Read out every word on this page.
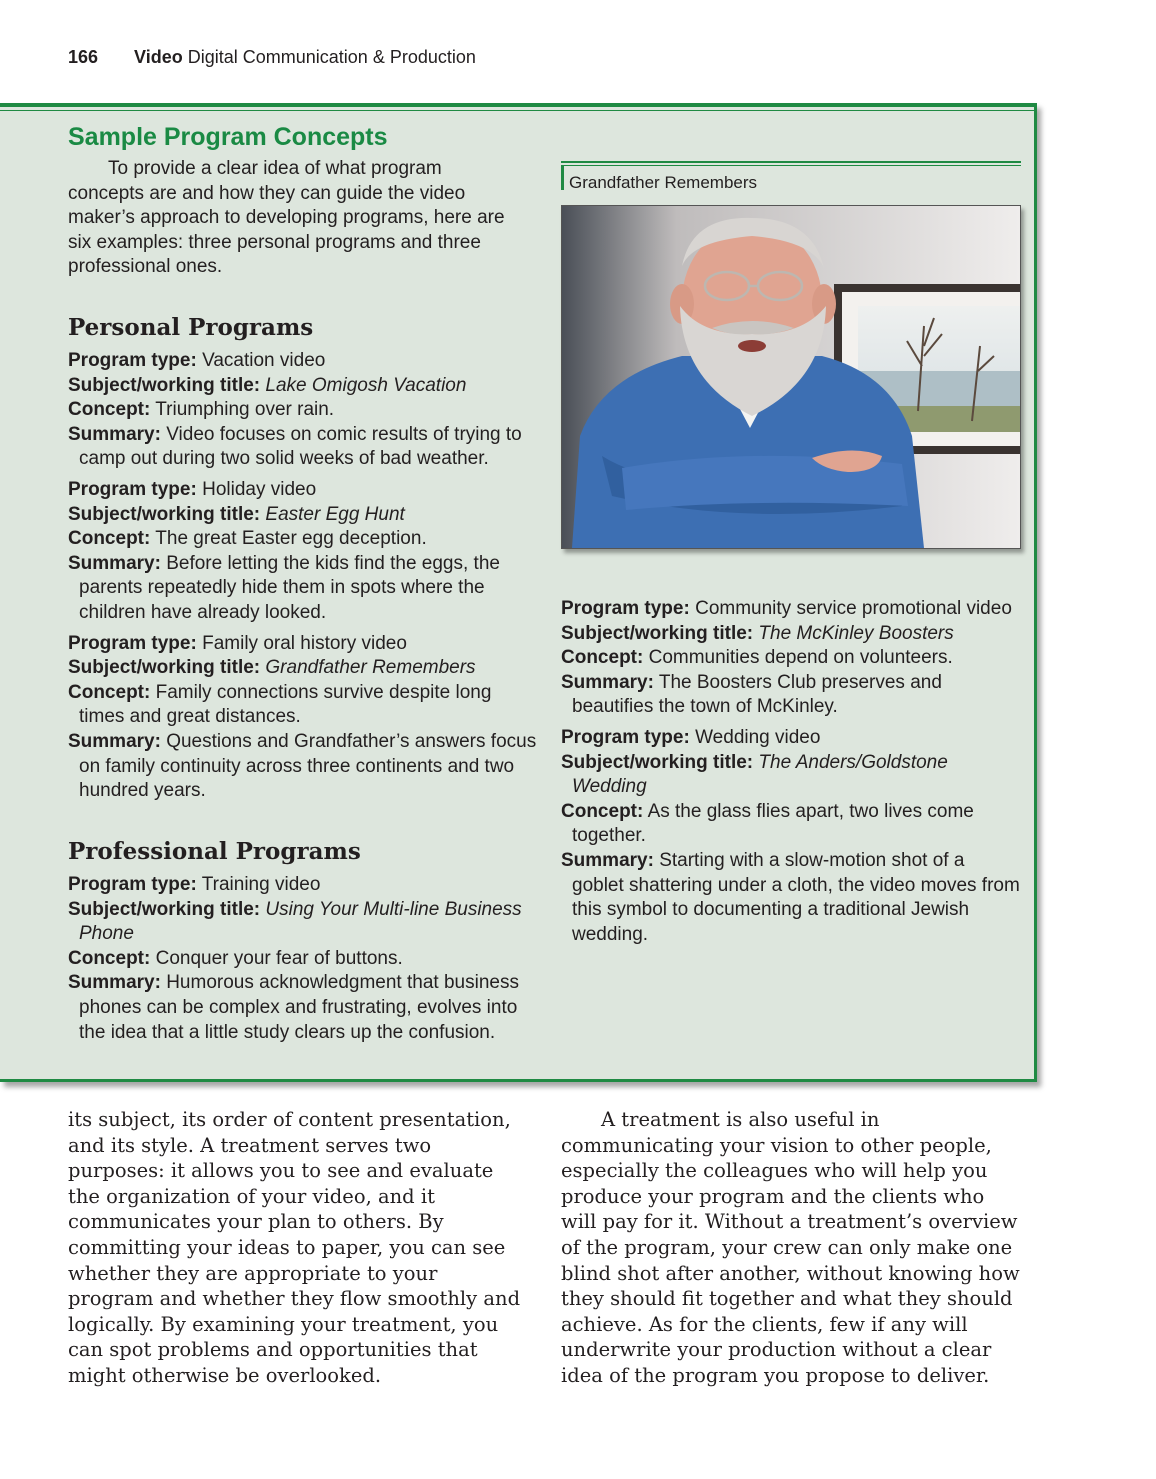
166 Video Digital Communication & Production
Sample Program Concepts

To provide a clear idea of what program concepts are and how they can guide the video maker’s approach to developing programs, here are six examples: three personal programs and three professional ones.

Personal Programs
Program type: Vacation video
Subject/working title: Lake Omigosh Vacation
Concept: Triumphing over rain.
Summary: Video focuses on comic results of trying to camp out during two solid weeks of bad weather.
Program type: Holiday video
Subject/working title: Easter Egg Hunt
Concept: The great Easter egg deception.
Summary: Before letting the kids find the eggs, the parents repeatedly hide them in spots where the children have already looked.
Program type: Family oral history video
Subject/working title: Grandfather Remembers
Concept: Family connections survive despite long times and great distances.
Summary: Questions and Grandfather’s answers focus on family continuity across three continents and two hundred years.
Professional Programs
Program type: Training video
Subject/working title: Using Your Multi-line Business Phone
Concept: Conquer your fear of buttons.
Summary: Humorous acknowledgment that business phones can be complex and frustrating, evolves into the idea that a little study clears up the confusion.

Grandfather Remembers

Program type: Community service promotional video
Subject/working title: The McKinley Boosters
Concept: Communities depend on volunteers.
Summary: The Boosters Club preserves and beautifies the town of McKinley.
Program type: Wedding video
Subject/working title: The Anders/Goldstone Wedding
Concept: As the glass flies apart, two lives come together.
Summary: Starting with a slow-motion shot of a goblet shattering under a cloth, the video moves from this symbol to documenting a traditional Jewish wedding.

its subject, its order of content presentation, and its style. A treatment serves two purposes: it allows you to see and evaluate the organization of your video, and it communicates your plan to others. By committing your ideas to paper, you can see whether they are appropriate to your program and whether they flow smoothly and logically. By examining your treatment, you can spot problems and opportunities that might otherwise be overlooked.

A treatment is also useful in communicating your vision to other people, especially the colleagues who will help you produce your program and the clients who will pay for it. Without a treatment’s overview of the program, your crew can only make one blind shot after another, without knowing how they should fit together and what they should achieve. As for the clients, few if any will underwrite your production without a clear idea of the program you propose to deliver.
